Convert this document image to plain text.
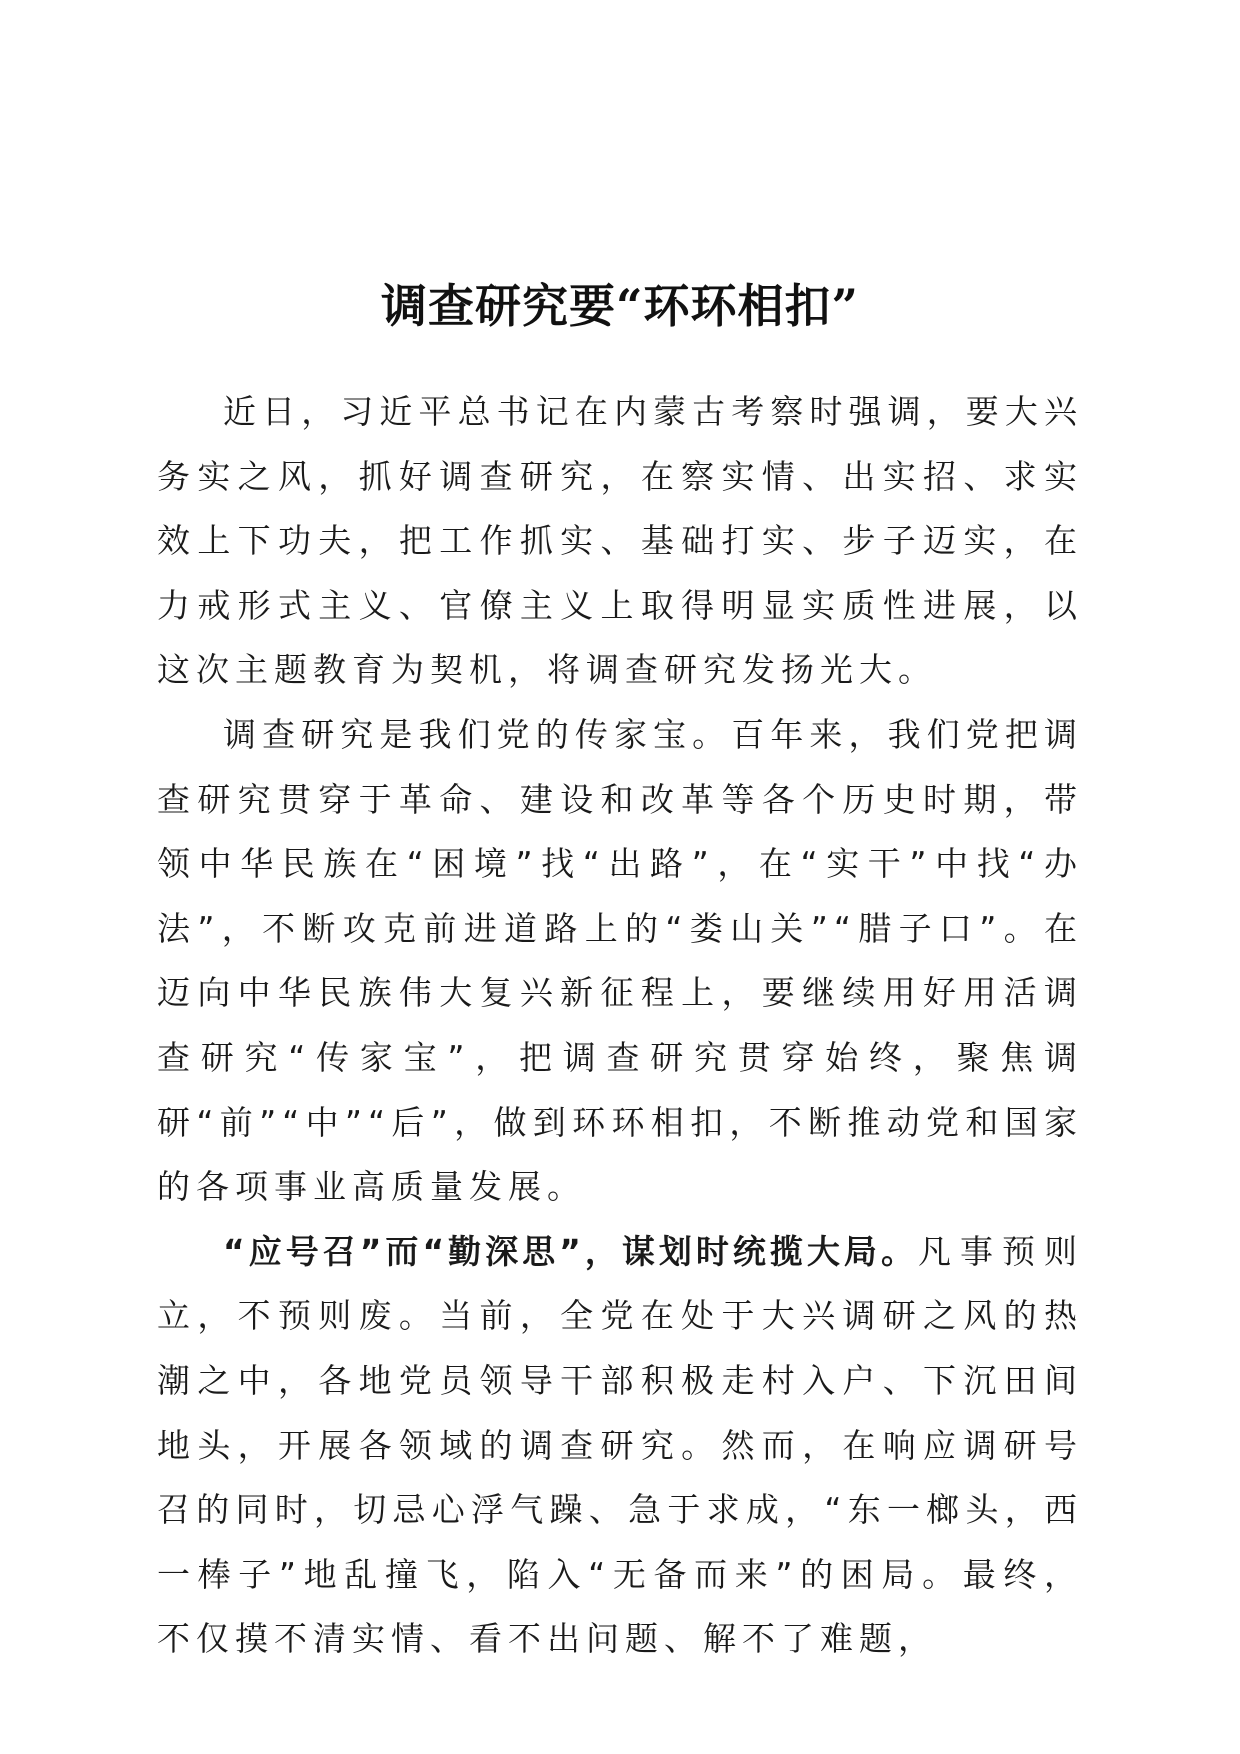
调查研究要“环环相扣”

近日，习近平总书记在内蒙古考察时强调，要大兴务实之风，抓好调查研究，在察实情、出实招、求实效上下功夫，把工作抓实、基础打实、步子迈实，在力戒形式主义、官僚主义上取得明显实质性进展，以这次主题教育为契机，将调查研究发扬光大。

调查研究是我们党的传家宝。百年来，我们党把调查研究贯穿于革命、建设和改革等各个历史时期，带领中华民族在“困境”找“出路”，在“实干”中找“办法”，不断攻克前进道路上的“娄山关”“腊子口”。在迈向中华民族伟大复兴新征程上，要继续用好用活调查研究“传家宝”，把调查研究贯穿始终，聚焦调研“前”“中”“后”，做到环环相扣，不断推动党和国家的各项事业高质量发展。

“应号召”而“勤深思”，谋划时统揽大局。凡事预则立，不预则废。当前，全党在处于大兴调研之风的热潮之中，各地党员领导干部积极走村入户、下沉田间地头，开展各领域的调查研究。然而，在响应调研号召的同时，切忌心浮气躁、急于求成，“东一榔头，西一棒子”地乱撞飞，陷入“无备而来”的困局。最终，不仅摸不清实情、看不出问题、解不了难题，
